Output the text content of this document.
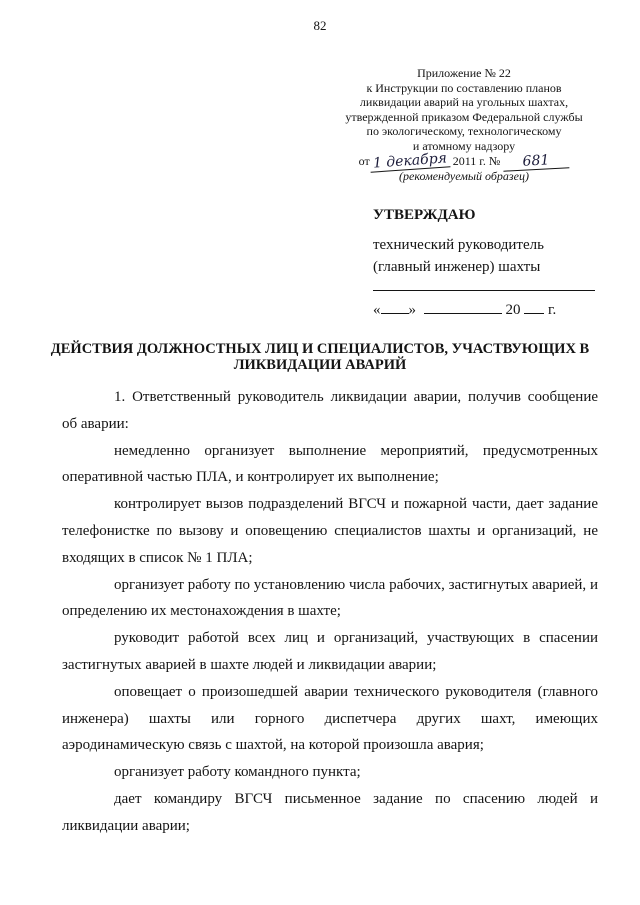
82
Приложение № 22
к Инструкции по составлению планов
ликвидации аварий на угольных шахтах,
утвержденной приказом Федеральной службы
по экологическому, технологическому
и атомному надзору
от 1 декабря 2011 г. № 681
(рекомендуемый образец)
УТВЕРЖДАЮ
технический руководитель
(главный инженер) шахты
« »	20 г.
ДЕЙСТВИЯ ДОЛЖНОСТНЫХ ЛИЦ И СПЕЦИАЛИСТОВ, УЧАСТВУЮЩИХ В ЛИКВИДАЦИИ АВАРИЙ

1. Ответственный руководитель ликвидации аварии, получив сообщение об аварии:

немедленно организует выполнение мероприятий, предусмотренных оперативной частью ПЛА, и контролирует их выполнение;

контролирует вызов подразделений ВГСЧ и пожарной части, дает задание телефонистке по вызову и оповещению специалистов шахты и организаций, не входящих в список № 1 ПЛА;

организует работу по установлению числа рабочих, застигнутых аварией, и определению их местонахождения в шахте;

руководит работой всех лиц и организаций, участвующих в спасении застигнутых аварией в шахте людей и ликвидации аварии;

оповещает о произошедшей аварии технического руководителя (главного инженера) шахты или горного диспетчера других шахт, имеющих аэродинамическую связь с шахтой, на которой произошла авария;

организует работу командного пункта;

дает командиру ВГСЧ письменное задание по спасению людей и ликвидации аварии;
